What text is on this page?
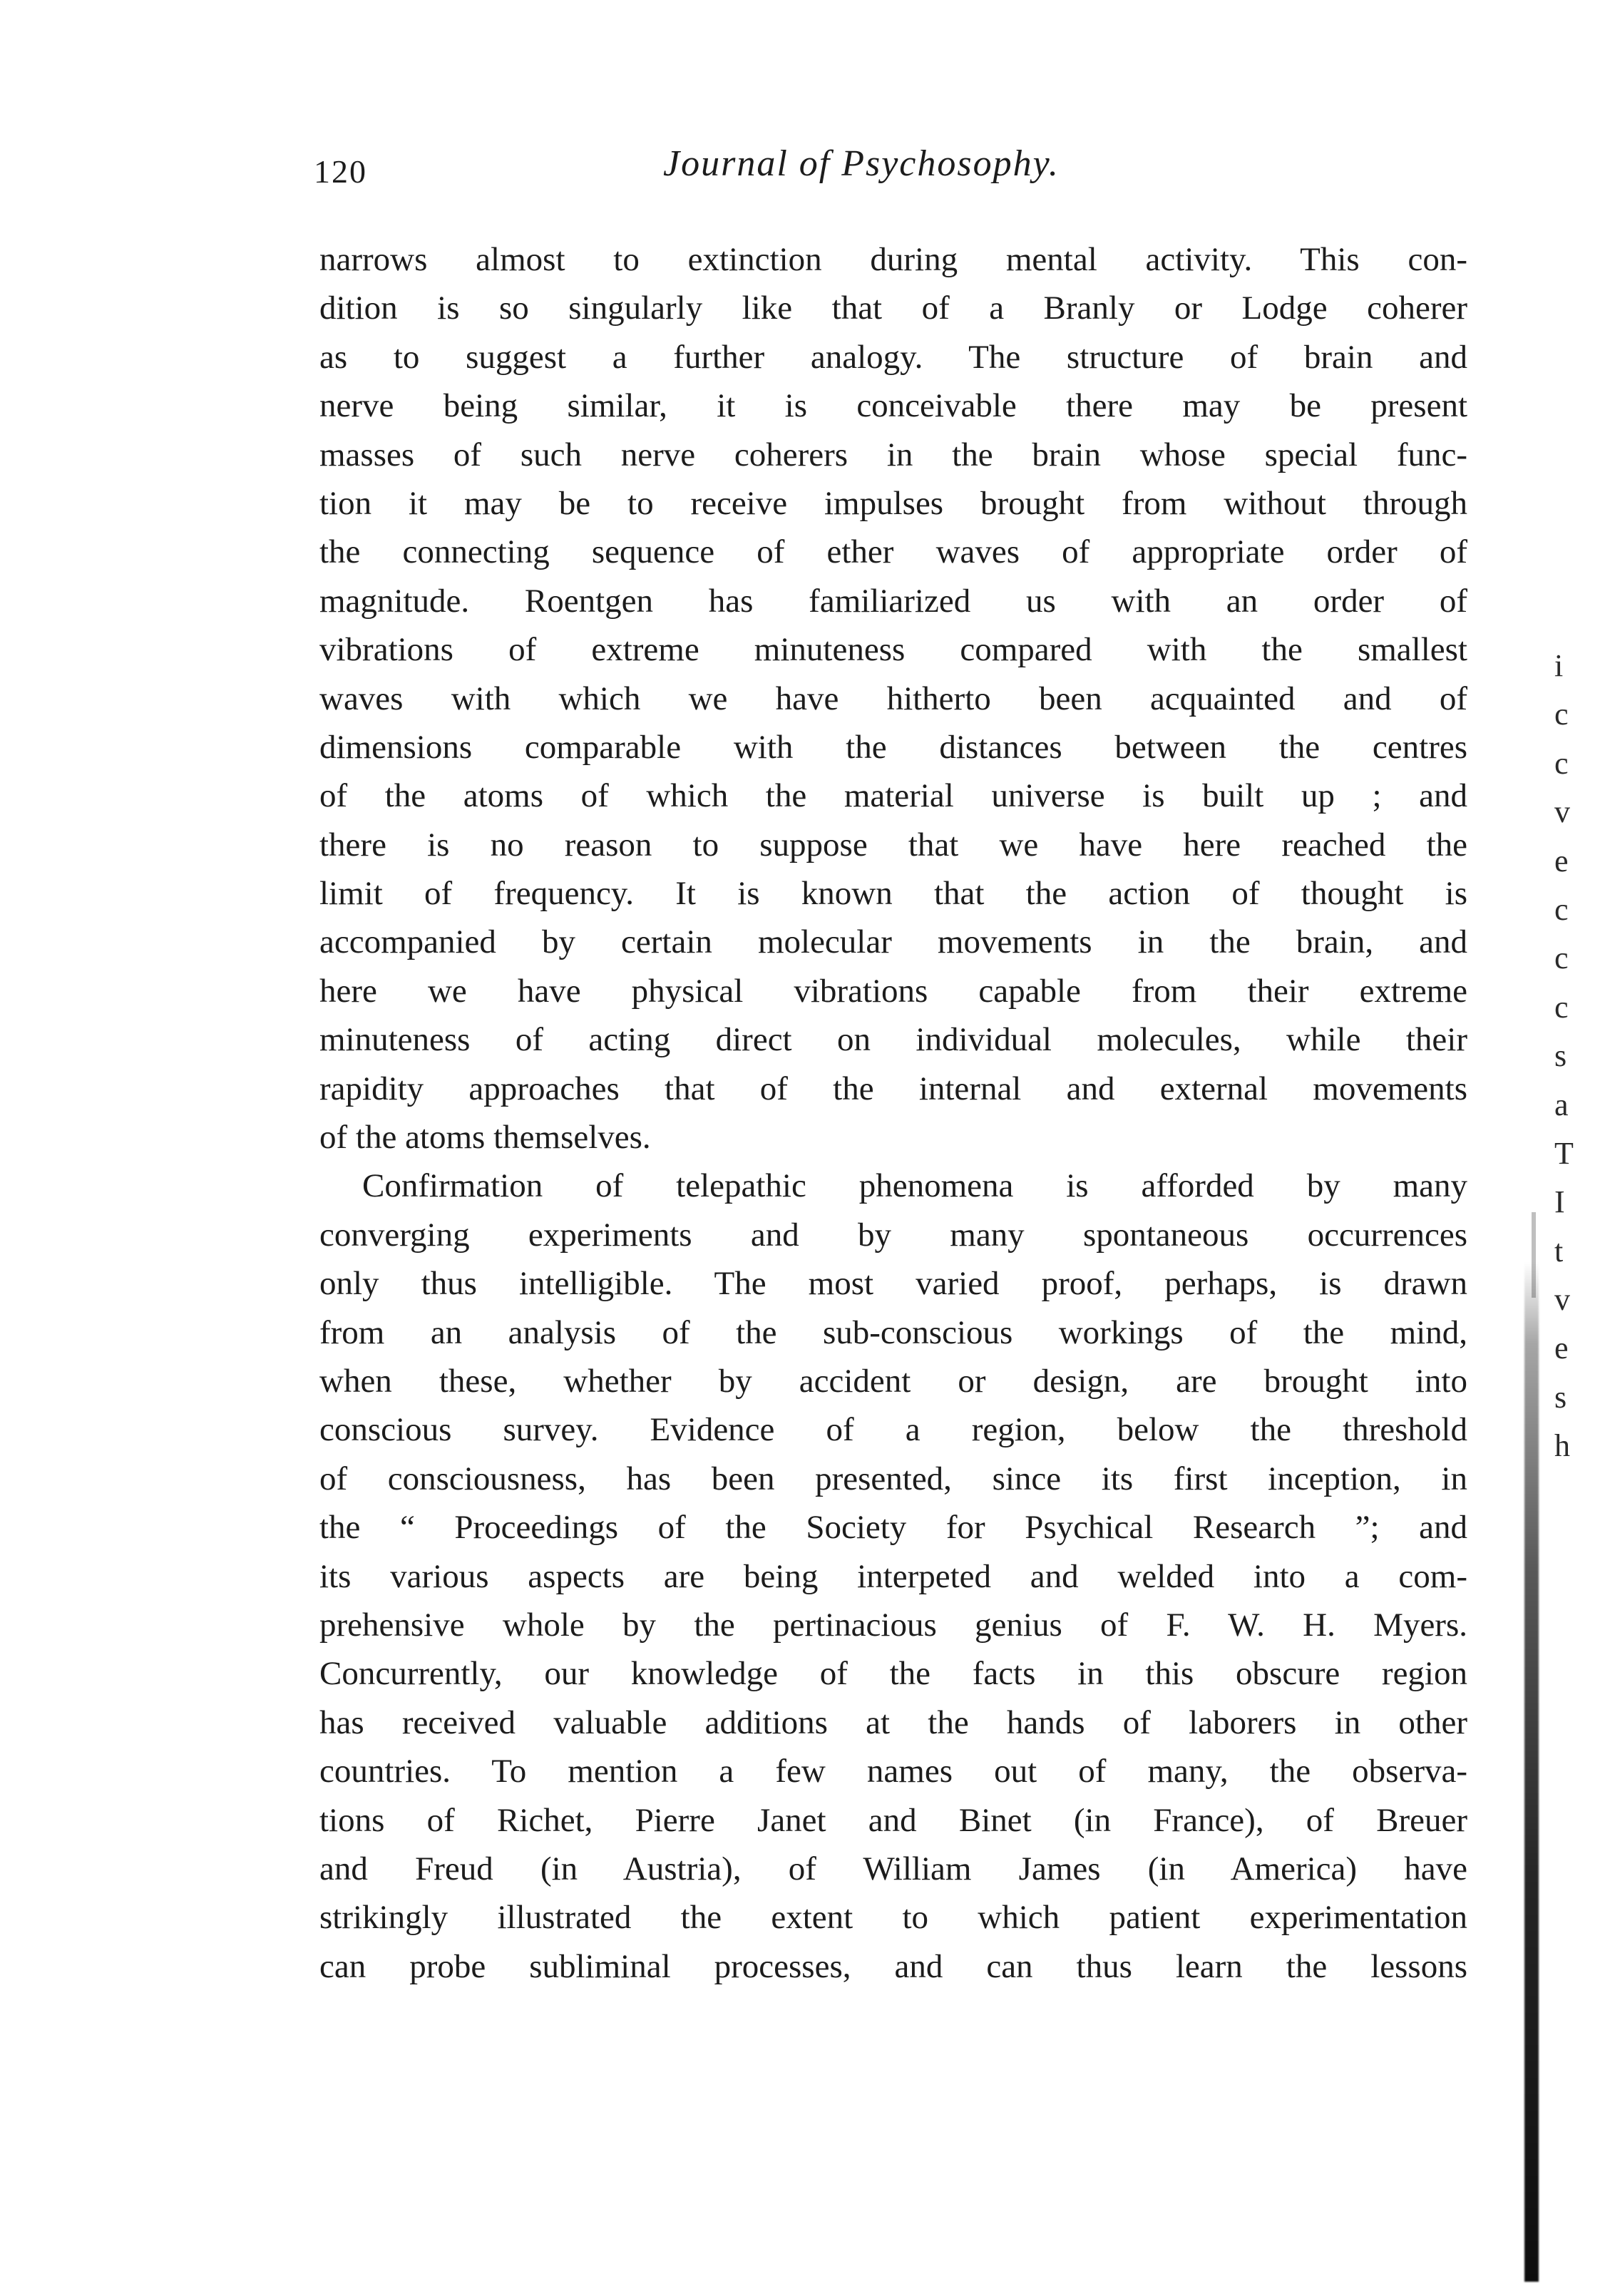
120	Journal of Psychosophy.
narrows almost to extinction during mental activity. This con-
dition is so singularly like that of a Branly or Lodge coherer
as to suggest a further analogy. The structure of brain and
nerve being similar, it is conceivable there may be present
masses of such nerve coherers in the brain whose special func-
tion it may be to receive impulses brought from without through
the connecting sequence of ether waves of appropriate order of
magnitude. Roentgen has familiarized us with an order of
vibrations of extreme minuteness compared with the smallest
waves with which we have hitherto been acquainted and of
dimensions comparable with the distances between the centres
of the atoms of which the material universe is built up ; and
there is no reason to suppose that we have here reached the
limit of frequency. It is known that the action of thought is
accompanied by certain molecular movements in the brain, and
here we have physical vibrations capable from their extreme
minuteness of acting direct on individual molecules, while their
rapidity approaches that of the internal and external movements
of the atoms themselves.
Confirmation of telepathic phenomena is afforded by many
converging experiments and by many spontaneous occurrences
only thus intelligible. The most varied proof, perhaps, is drawn
from an analysis of the sub-conscious workings of the mind,
when these, whether by accident or design, are brought into
conscious survey. Evidence of a region, below the threshold
of consciousness, has been presented, since its first inception, in
the “ Proceedings of the Society for Psychical Research ”; and
its various aspects are being interpeted and welded into a com-
prehensive whole by the pertinacious genius of F. W. H. Myers.
Concurrently, our knowledge of the facts in this obscure region
has received valuable additions at the hands of laborers in other
countries. To mention a few names out of many, the observa-
tions of Richet, Pierre Janet and Binet (in France), of Breuer
and Freud (in Austria), of William James (in America) have
strikingly illustrated the extent to which patient experimentation
can probe subliminal processes, and can thus learn the lessons
i
c
c
v
e
c
c
c
s
a
T
I
t
v
e
s
h
